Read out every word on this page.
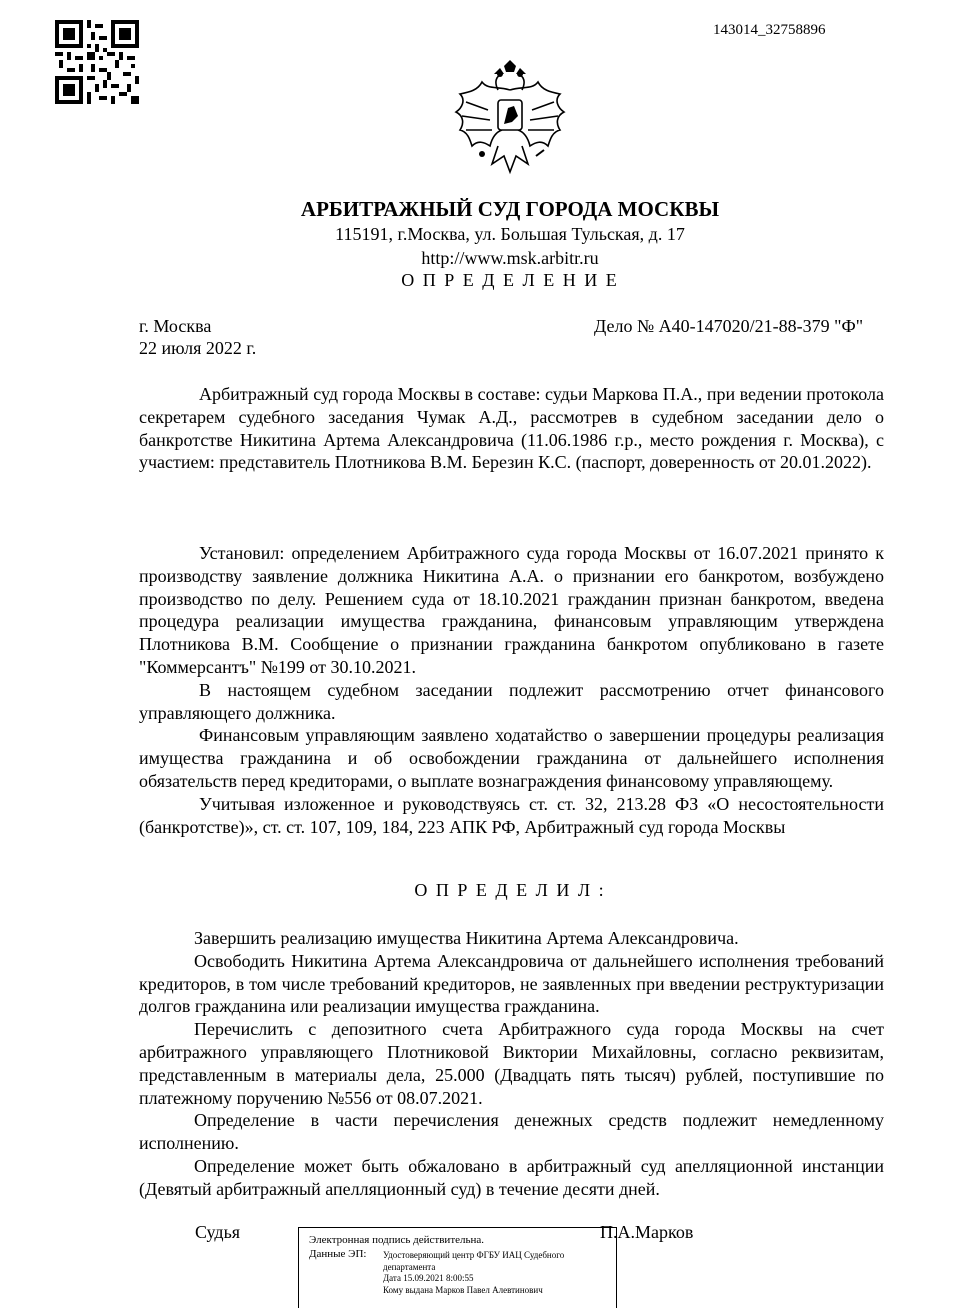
143014_32758896
АРБИТРАЖНЫЙ СУД ГОРОДА МОСКВЫ
115191, г.Москва, ул. Большая Тульская, д. 17
http://www.msk.arbitr.ru
О П Р Е Д Е Л Е Н И Е
г. Москва
22 июля 2022 г.
Дело № А40-147020/21-88-379 "Ф"

Арбитражный суд города Москвы в составе: судьи Маркова П.А., при ведении протокола секретарем судебного заседания Чумак А.Д., рассмотрев в судебном заседании дело о банкротстве Никитина Артема Александровича (11.06.1986 г.р., место рождения г. Москва), с участием: представитель Плотникова В.М. Березин К.С. (паспорт, доверенность от 20.01.2022).

Установил: определением Арбитражного суда города Москвы от 16.07.2021 принято к производству заявление должника Никитина А.А. о признании его банкротом, возбуждено производство по делу. Решением суда от 18.10.2021 гражданин признан банкротом, введена процедура реализации имущества гражданина, финансовым управляющим утверждена Плотникова В.М. Сообщение о признании гражданина банкротом опубликовано в газете "Коммерсантъ" №199 от 30.10.2021.

В настоящем судебном заседании подлежит рассмотрению отчет финансового управляющего должника.

Финансовым управляющим заявлено ходатайство о завершении процедуры реализация имущества гражданина и об освобождении гражданина от дальнейшего исполнения обязательств перед кредиторами, о выплате вознаграждения финансовому управляющему.

Учитывая изложенное и руководствуясь ст. ст. 32, 213.28 ФЗ «О несостоятельности (банкротстве)», ст. ст. 107, 109, 184, 223 АПК РФ, Арбитражный суд города Москвы

О П Р Е Д Е Л И Л :

Завершить реализацию имущества Никитина Артема Александровича.

Освободить Никитина Артема Александровича от дальнейшего исполнения требований кредиторов, в том числе требований кредиторов, не заявленных при введении реструктуризации долгов гражданина или реализации имущества гражданина.

Перечислить с депозитного счета Арбитражного суда города Москвы на счет арбитражного управляющего Плотниковой Виктории Михайловны, согласно реквизитам, представленным в материалы дела, 25.000 (Двадцать пять тысяч) рублей, поступившие по платежному поручению №556 от 08.07.2021.

Определение в части перечисления денежных средств подлежит немедленному исполнению.

Определение может быть обжаловано в арбитражный суд апелляционной инстанции (Девятый арбитражный апелляционный суд) в течение десяти дней.

Судья	П.А.Марков
Электронная подпись действительна.
Данные ЭП: Удостоверяющий центр ФГБУ ИАЦ Судебного департамента
Дата 15.09.2021 8:00:55
Кому выдана Марков Павел Алевтинович
